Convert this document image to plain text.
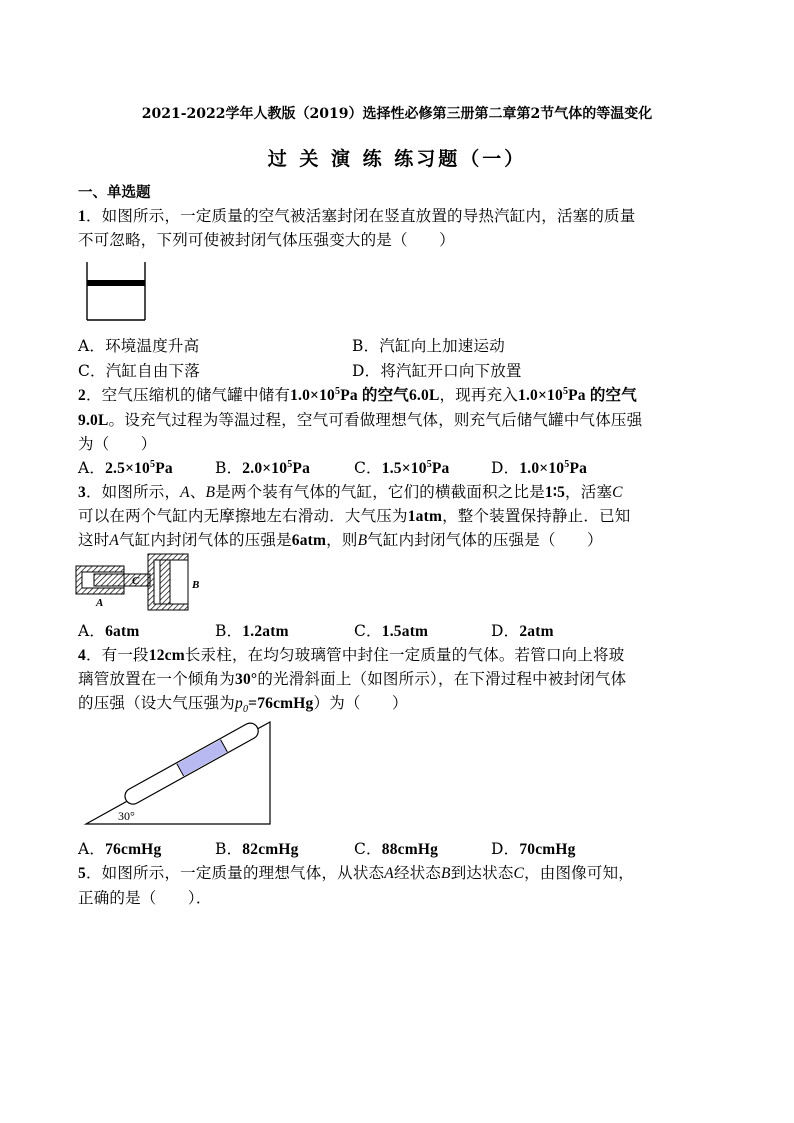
2021-2022学年人教版（2019）选择性必修第三册第二章第2节气体的等温变化
过 关 演 练 练习题（一）
一、单选题
1．如图所示，一定质量的空气被活塞封闭在竖直放置的导热汽缸内，活塞的质量
不可忽略，下列可使被封闭气体压强变大的是（　　）
A．环境温度升高	B．汽缸向上加速运动
C．汽缸自由下落	D．将汽缸开口向下放置
2．空气压缩机的储气罐中储有$1.0\times 10^5Pa$ 的空气6.0L，现再充入$1.0\times 10^5Pa$ 的空气
9.0L。设充气过程为等温过程，空气可看做理想气体，则充气后储气罐中气体压强
为（　　）
A．$2.5\times 10^5Pa$	B．$2.0\times 10^5Pa$	C．$1.5\times 10^5Pa$	D．$1.0\times 10^5Pa$
3．如图所示，A、B是两个装有气体的气缸，它们的横截面积之比是1∶5，活塞C
可以在两个气缸内无摩擦地左右滑动．大气压为1atm，整个装置保持静止．已知
这时A气缸内封闭气体的压强是6atm，则B气缸内封闭气体的压强是（　　）
C
A
B
A．6atm	B．1.2atm	C．1.5atm	D．2atm
4．有一段12cm长汞柱，在均匀玻璃管中封住一定质量的气体。若管口向上将玻
璃管放置在一个倾角为30°的光滑斜面上（如图所示），在下滑过程中被封闭气体
的压强（设大气压强为$p_0=76cmHg$）为（　　）
30°
A．76cmHg	B．82cmHg	C．88cmHg	D．70cmHg
5．如图所示，一定质量的理想气体，从状态A经状态B到达状态C，由图像可知，
正确的是（　　）．
